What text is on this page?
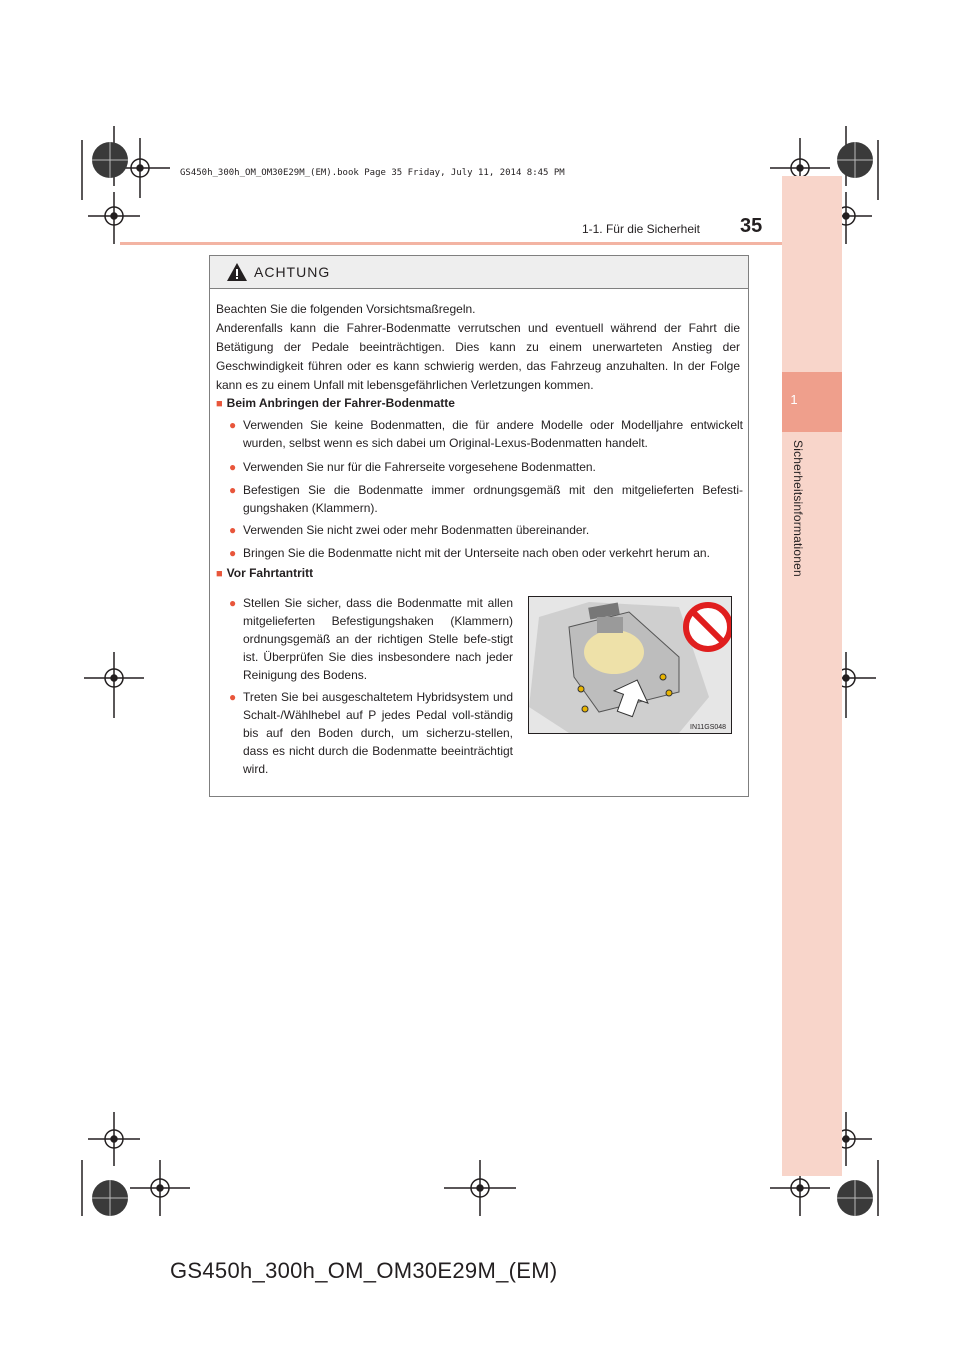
1
Sicherheitsinformationen
GS450h_300h_OM_OM30E29M_(EM).book Page 35 Friday, July 11, 2014 8:45 PM
1-1. Für die Sicherheit 35
ACHTUNG
Beachten Sie die folgenden Vorsichtsmaßregeln.
Anderenfalls kann die Fahrer-Bodenmatte verrutschen und eventuell während der Fahrt die Betätigung der Pedale beeinträchtigen. Dies kann zu einem unerwarteten Anstieg der Geschwindigkeit führen oder es kann schwierig werden, das Fahrzeug anzuhalten. In der Folge kann es zu einem Unfall mit lebensgefährlichen Verletzungen kommen.
■ Beim Anbringen der Fahrer-Bodenmatte
● Verwenden Sie keine Bodenmatten, die für andere Modelle oder Modelljahre entwickelt wurden, selbst wenn es sich dabei um Original-Lexus-Bodenmatten handelt.
● Verwenden Sie nur für die Fahrerseite vorgesehene Bodenmatten.
● Befestigen Sie die Bodenmatte immer ordnungsgemäß mit den mitgelieferten Befesti-gungshaken (Klammern).
● Verwenden Sie nicht zwei oder mehr Bodenmatten übereinander.
● Bringen Sie die Bodenmatte nicht mit der Unterseite nach oben oder verkehrt herum an.
■ Vor Fahrtantritt
● Stellen Sie sicher, dass die Bodenmatte mit allen mitgelieferten Befestigungshaken (Klammern) ordnungsgemäß an der richtigen Stelle befe-stigt ist. Überprüfen Sie dies insbesondere nach jeder Reinigung des Bodens.
● Treten Sie bei ausgeschaltetem Hybridsystem und Schalt-/Wählhebel auf P jedes Pedal voll-ständig bis auf den Boden durch, um sicherzu-stellen, dass es nicht durch die Bodenmatte beeinträchtigt wird.
IN11GS048
GS450h_300h_OM_OM30E29M_(EM)
